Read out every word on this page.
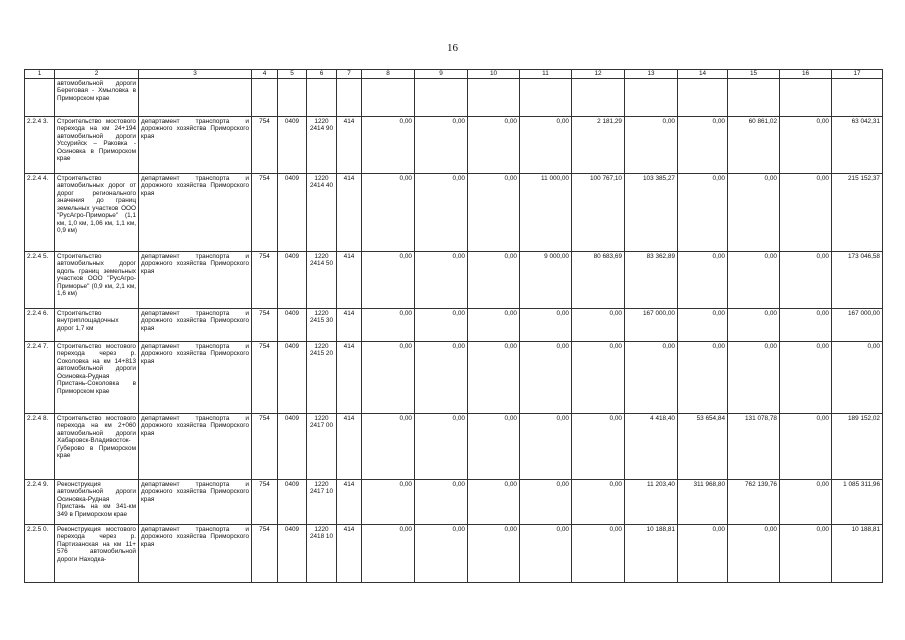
16
1	2	3	4	5	6	7	8	9	10	11	12	13	14	15	16	17
	автомобильной дороги Береговая - Хмыловка в Приморском крае															
2.2.4 3.	Строительство мостового перехода на км 24+194 автомобильной дороги Уссурийск – Раковка - Осиновка в Приморском крае	департамент транспорта и дорожного хозяйства Приморского края	754	0409	1220 2414 90	414	0,00	0,00	0,00	0,00	2 181,29	0,00	0,00	60 861,02	0,00	63 042,31
2.2.4 4.	Строительство автомобильных дорог от дорог регионального значения до границ земельных участков ООО "РусАгро-Приморье" (1,1 км, 1,0 км, 1,06 км, 1,1 км, 0,9 км)	департамент транспорта и дорожного хозяйства Приморского края	754	0409	1220 2414 40	414	0,00	0,00	0,00	11 000,00	100 767,10	103 385,27	0,00	0,00	0,00	215 152,37
2.2.4 5.	Строительство автомобильных дорог вдоль границ земельных участков ООО "РусАгро-Приморье" (0,9 км, 2,1 км, 1,6 км)	департамент транспорта и дорожного хозяйства Приморского края	754	0409	1220 2414 50	414	0,00	0,00	0,00	9 000,00	80 683,69	83 362,89	0,00	0,00	0,00	173 046,58
2.2.4 6.	Строительство внутриплощадочных дорог 1,7 км	департамент транспорта и дорожного хозяйства Приморского края	754	0409	1220 2415 30	414	0,00	0,00	0,00	0,00	0,00	167 000,00	0,00	0,00	0,00	167 000,00
2.2.4 7.	Строительство мостового перехода через р. Соколовка на км 14+813 автомобильной дороги Осиновка-Рудная Пристань-Соколовка в Приморском крае	департамент транспорта и дорожного хозяйства Приморского края	754	0409	1220 2415 20	414	0,00	0,00	0,00	0,00	0,00	0,00	0,00	0,00	0,00	0,00
2.2.4 8.	Строительство мостового перехода на км 2+060 автомобильной дороги Хабаровск-Владивосток-Губерово в Приморском крае	департамент транспорта и дорожного хозяйства Приморского края	754	0409	1220 2417 00	414	0,00	0,00	0,00	0,00	0,00	4 418,40	53 654,84	131 078,78	0,00	189 152,02
2.2.4 9.	Реконструкция автомобильной дороги Осиновка-Рудная Пристань на км 341-км 349 в Приморском крае	департамент транспорта и дорожного хозяйства Приморского края	754	0409	1220 2417 10	414	0,00	0,00	0,00	0,00	0,00	11 203,40	311 968,80	762 139,76	0,00	1 085 311,96
2.2.5 0.	Реконструкция мостового перехода через р. Партизанская на км 11+ 576 автомобильной дороги Находка-	департамент транспорта и дорожного хозяйства Приморского края	754	0409	1220 2418 10	414	0,00	0,00	0,00	0,00	0,00	10 188,81	0,00	0,00	0,00	10 188,81
